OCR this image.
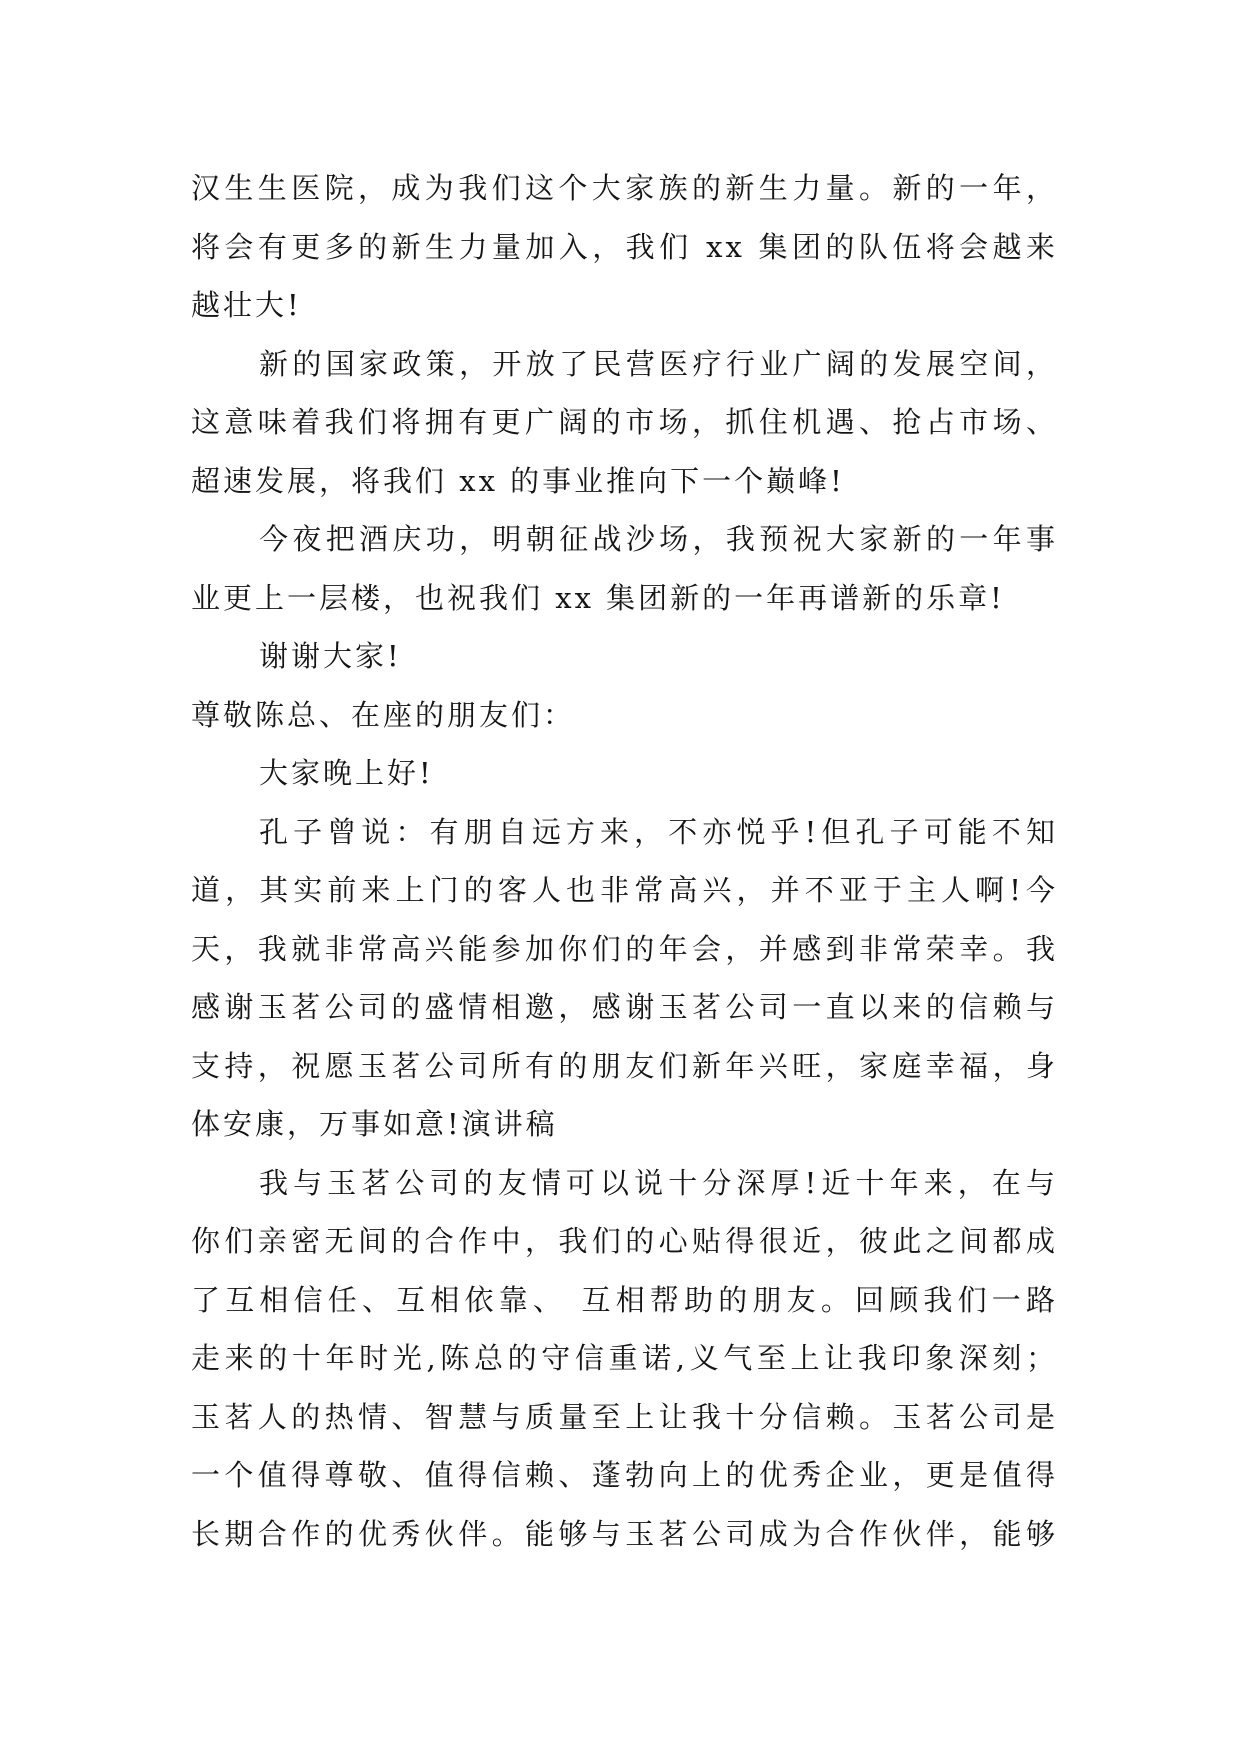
汉生生医院，成为我们这个大家族的新生力量。新的一年，
将会有更多的新生力量加入，我们 xx 集团的队伍将会越来
越壮大!
新的国家政策，开放了民营医疗行业广阔的发展空间，
这意味着我们将拥有更广阔的市场，抓住机遇、抢占市场、
超速发展，将我们 xx 的事业推向下一个巅峰!
今夜把酒庆功，明朝征战沙场，我预祝大家新的一年事
业更上一层楼，也祝我们 xx 集团新的一年再谱新的乐章!
谢谢大家!
尊敬陈总、在座的朋友们：
大家晚上好!
孔子曾说：有朋自远方来，不亦悦乎!但孔子可能不知
道，其实前来上门的客人也非常高兴，并不亚于主人啊!今
天，我就非常高兴能参加你们的年会，并感到非常荣幸。我
感谢玉茗公司的盛情相邀，感谢玉茗公司一直以来的信赖与
支持，祝愿玉茗公司所有的朋友们新年兴旺，家庭幸福，身
体安康，万事如意!演讲稿
我与玉茗公司的友情可以说十分深厚!近十年来，在与
你们亲密无间的合作中，我们的心贴得很近，彼此之间都成
了互相信任、互相依靠、 互相帮助的朋友。回顾我们一路
走来的十年时光,陈总的守信重诺,义气至上让我印象深刻；
玉茗人的热情、智慧与质量至上让我十分信赖。玉茗公司是
一个值得尊敬、值得信赖、蓬勃向上的优秀企业，更是值得
长期合作的优秀伙伴。能够与玉茗公司成为合作伙伴，能够
